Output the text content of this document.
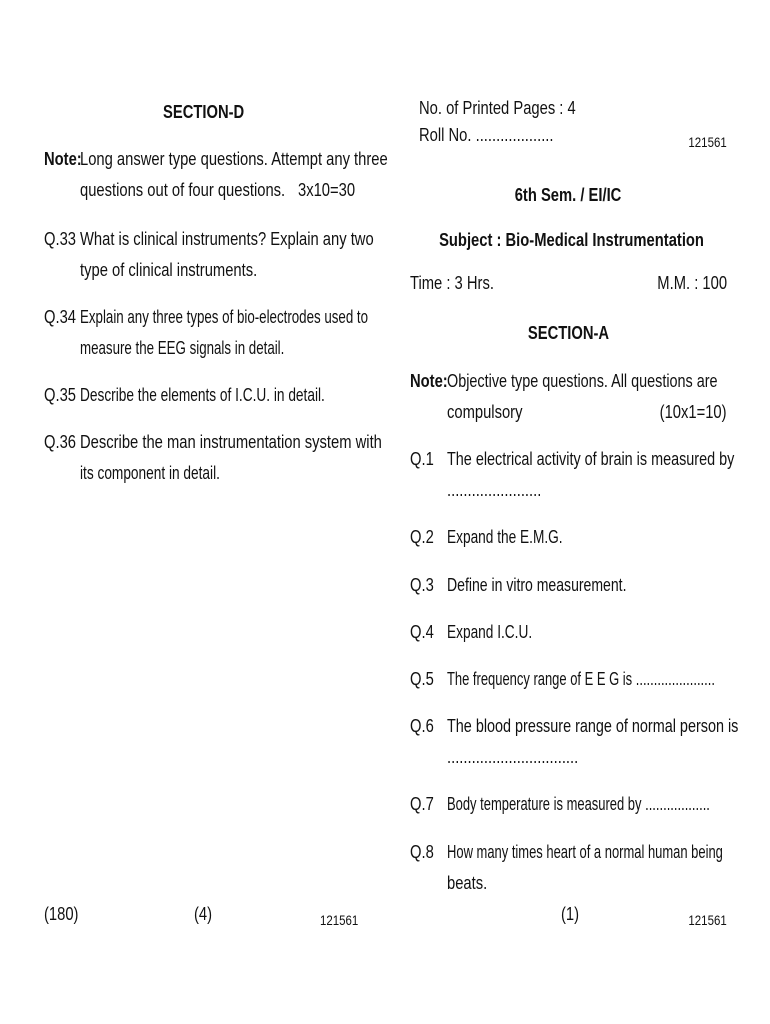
SECTION-D
Note:
Long answer type questions. Attempt any three
questions out of four questions. 3x10=30
Q.33 What is clinical instruments? Explain any two
type of clinical instruments.
Q.34 Explain any three types of bio-electrodes used to
measure the EEG signals in detail.
Q.35 Describe the elements of I.C.U. in detail.
Q.36 Describe the man instrumentation system with
its component in detail.
(180)	(4)	121561
No. of Printed Pages : 4
Roll No. ...................	121561
6th Sem. / EI/IC
Subject : Bio-Medical Instrumentation
Time : 3 Hrs.	M.M. : 100
SECTION-A
Note: Objective type questions. All questions are
compulsory	(10x1=10)
Q.1 The electrical activity of brain is measured by
.......................
Q.2 Expand the E.M.G.
Q.3 Define in vitro measurement.
Q.4 Expand I.C.U.
Q.5 The frequency range of E E G is ......................
Q.6 The blood pressure range of normal person is
................................
Q.7 Body temperature is measured by ..................
Q.8 How many times heart of a normal human being
beats.
(1)	121561
